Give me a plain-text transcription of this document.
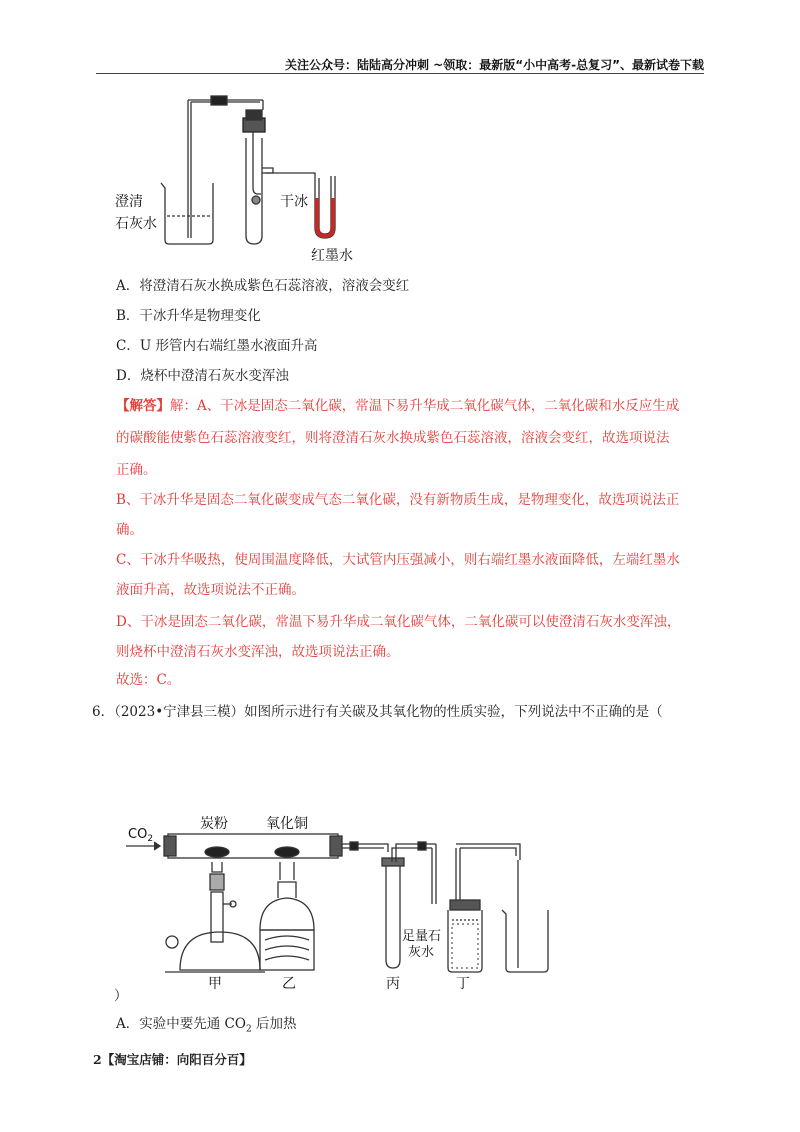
关注公众号：陆陆高分冲刺 ~领取：最新版“小中高考-总复习”、最新试卷下载
澄清
石灰水
干冰
红墨水
A．将澄清石灰水换成紫色石蕊溶液，溶液会变红
B．干冰升华是物理变化
C．U 形管内右端红墨水液面升高
D．烧杯中澄清石灰水变浑浊
【解答】解：A、干冰是固态二氧化碳，常温下易升华成二氧化碳气体，二氧化碳和水反应生成
的碳酸能使紫色石蕊溶液变红，则将澄清石灰水换成紫色石蕊溶液，溶液会变红，故选项说法
正确。
B、干冰升华是固态二氧化碳变成气态二氧化碳，没有新物质生成，是物理变化，故选项说法正
确。
C、干冰升华吸热，使周围温度降低，大试管内压强减小，则右端红墨水液面降低，左端红墨水
液面升高，故选项说法不正确。
D、干冰是固态二氧化碳，常温下易升华成二氧化碳气体，二氧化碳可以使澄清石灰水变浑浊，
则烧杯中澄清石灰水变浑浊，故选项说法正确。
故选：C。
6．（2023•宁津县三模）如图所示进行有关碳及其氧化物的性质实验，下列说法中不正确的是（
$CO_2$
炭粉	氧化铜
足量石
灰水
甲	乙	丙	丁
）
A．实验中要先通 $CO_2$ 后加热
2【淘宝店铺：向阳百分百】
